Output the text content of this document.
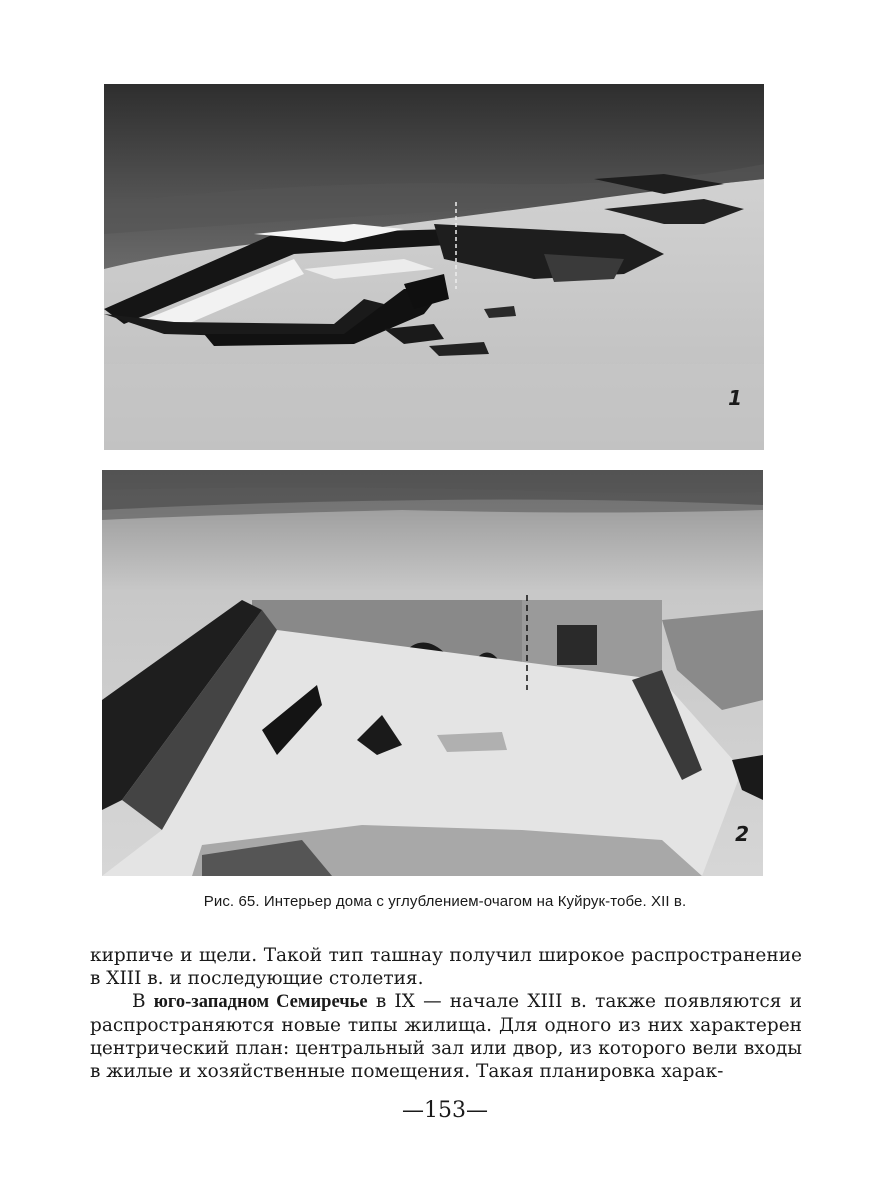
1
2
Рис. 65. Интерьер дома с углублением-очагом на Куйрук-тобе. XII в.

кирпиче и щели. Такой тип ташнау получил широкое распространение в XIII в. и последующие столетия.

В юго-западном Семиречье в IX — начале XIII в. также появляются и распространяются новые типы жилища. Для одного из них характерен центрический план: центральный зал или двор, из которого вели входы в жилые и хозяйственные помещения. Такая планировка харак-

—153—
